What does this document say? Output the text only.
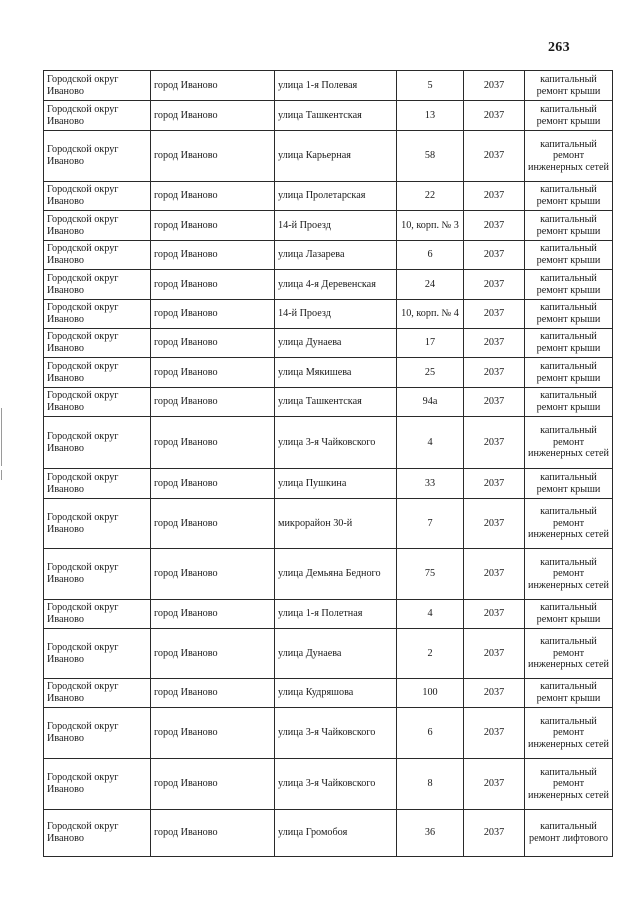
263
Городской округ Иваново	город Иваново	улица 1-я Полевая	5	2037	капитальный ремонт крыши
Городской округ Иваново	город Иваново	улица Ташкентская	13	2037	капитальный ремонт крыши
Городской округ Иваново	город Иваново	улица Карьерная	58	2037	капитальный ремонт инженерных сетей
Городской округ Иваново	город Иваново	улица Пролетарская	22	2037	капитальный ремонт крыши
Городской округ Иваново	город Иваново	14-й Проезд	10, корп. № 3	2037	капитальный ремонт крыши
Городской округ Иваново	город Иваново	улица Лазарева	6	2037	капитальный ремонт крыши
Городской округ Иваново	город Иваново	улица 4-я Деревенская	24	2037	капитальный ремонт крыши
Городской округ Иваново	город Иваново	14-й Проезд	10, корп. № 4	2037	капитальный ремонт крыши
Городской округ Иваново	город Иваново	улица Дунаева	17	2037	капитальный ремонт крыши
Городской округ Иваново	город Иваново	улица Мякишева	25	2037	капитальный ремонт крыши
Городской округ Иваново	город Иваново	улица Ташкентская	94а	2037	капитальный ремонт крыши
Городской округ Иваново	город Иваново	улица 3-я Чайковского	4	2037	капитальный ремонт инженерных сетей
Городской округ Иваново	город Иваново	улица Пушкина	33	2037	капитальный ремонт крыши
Городской округ Иваново	город Иваново	микрорайон 30-й	7	2037	капитальный ремонт инженерных сетей
Городской округ Иваново	город Иваново	улица Демьяна Бедного	75	2037	капитальный ремонт инженерных сетей
Городской округ Иваново	город Иваново	улица 1-я Полетная	4	2037	капитальный ремонт крыши
Городской округ Иваново	город Иваново	улица Дунаева	2	2037	капитальный ремонт инженерных сетей
Городской округ Иваново	город Иваново	улица Кудряшова	100	2037	капитальный ремонт крыши
Городской округ Иваново	город Иваново	улица 3-я Чайковского	6	2037	капитальный ремонт инженерных сетей
Городской округ Иваново	город Иваново	улица 3-я Чайковского	8	2037	капитальный ремонт инженерных сетей
Городской округ Иваново	город Иваново	улица Громобоя	36	2037	капитальный ремонт лифтового
